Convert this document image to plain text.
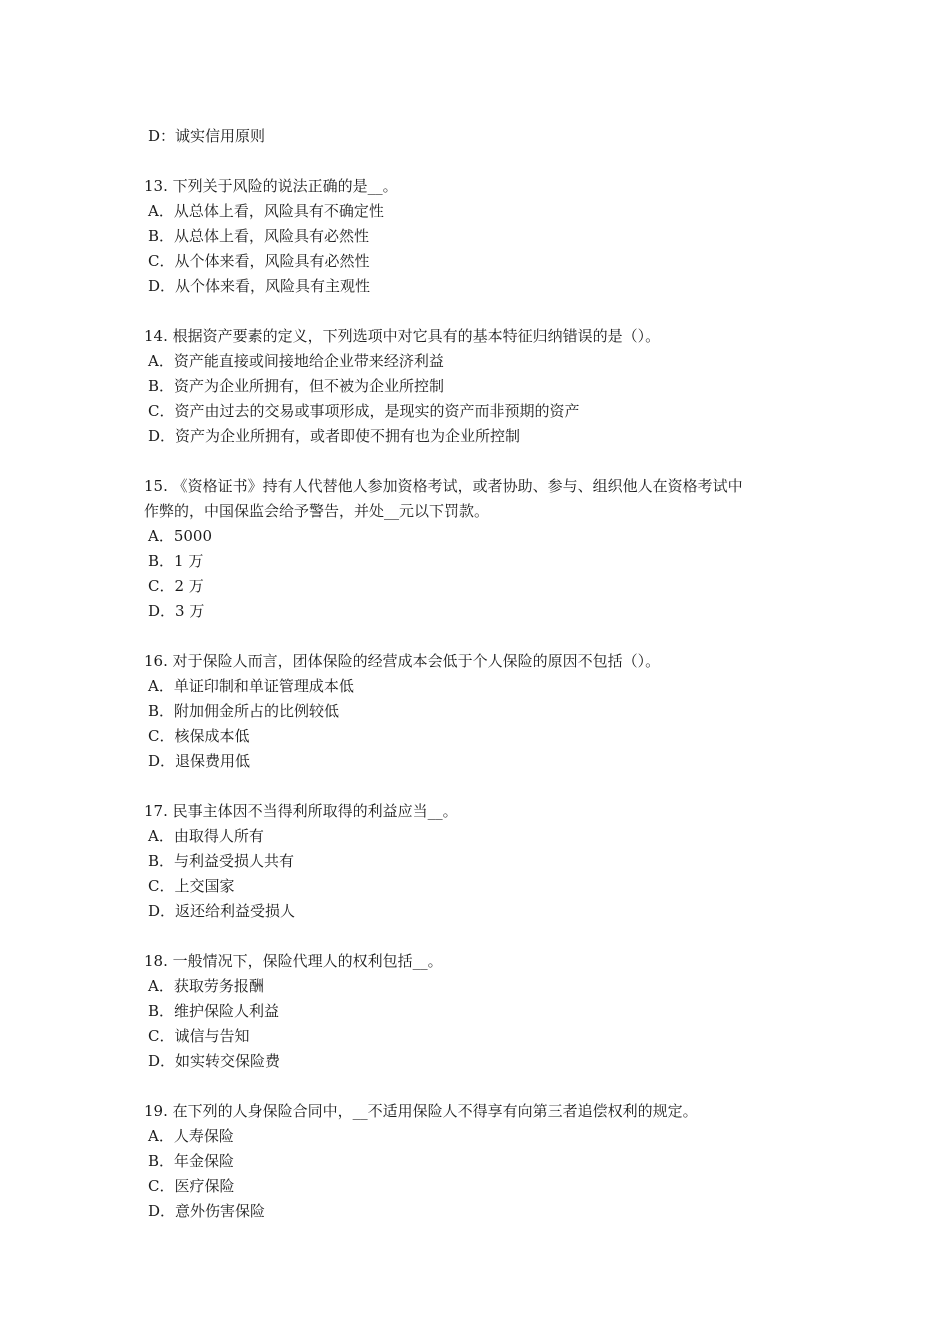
D：诚实信用原则
13. 下列关于风险的说法正确的是__。
A．从总体上看，风险具有不确定性
B．从总体上看，风险具有必然性
C．从个体来看，风险具有必然性
D．从个体来看，风险具有主观性
14. 根据资产要素的定义，下列选项中对它具有的基本特征归纳错误的是（）。
A．资产能直接或间接地给企业带来经济利益
B．资产为企业所拥有，但不被为企业所控制
C．资产由过去的交易或事项形成，是现实的资产而非预期的资产
D．资产为企业所拥有，或者即使不拥有也为企业所控制
15. 《资格证书》持有人代替他人参加资格考试，或者协助、参与、组织他人在资格考试中
作弊的，中国保监会给予警告，并处__元以下罚款。
A．5000
B．1 万
C．2 万
D．3 万
16. 对于保险人而言，团体保险的经营成本会低于个人保险的原因不包括（）。
A．单证印制和单证管理成本低
B．附加佣金所占的比例较低
C．核保成本低
D．退保费用低
17. 民事主体因不当得利所取得的利益应当__。
A．由取得人所有
B．与利益受损人共有
C．上交国家
D．返还给利益受损人
18. 一般情况下，保险代理人的权利包括__。
A．获取劳务报酬
B．维护保险人利益
C．诚信与告知
D．如实转交保险费
19. 在下列的人身保险合同中，__不适用保险人不得享有向第三者追偿权利的规定。
A．人寿保险
B．年金保险
C．医疗保险
D．意外伤害保险
